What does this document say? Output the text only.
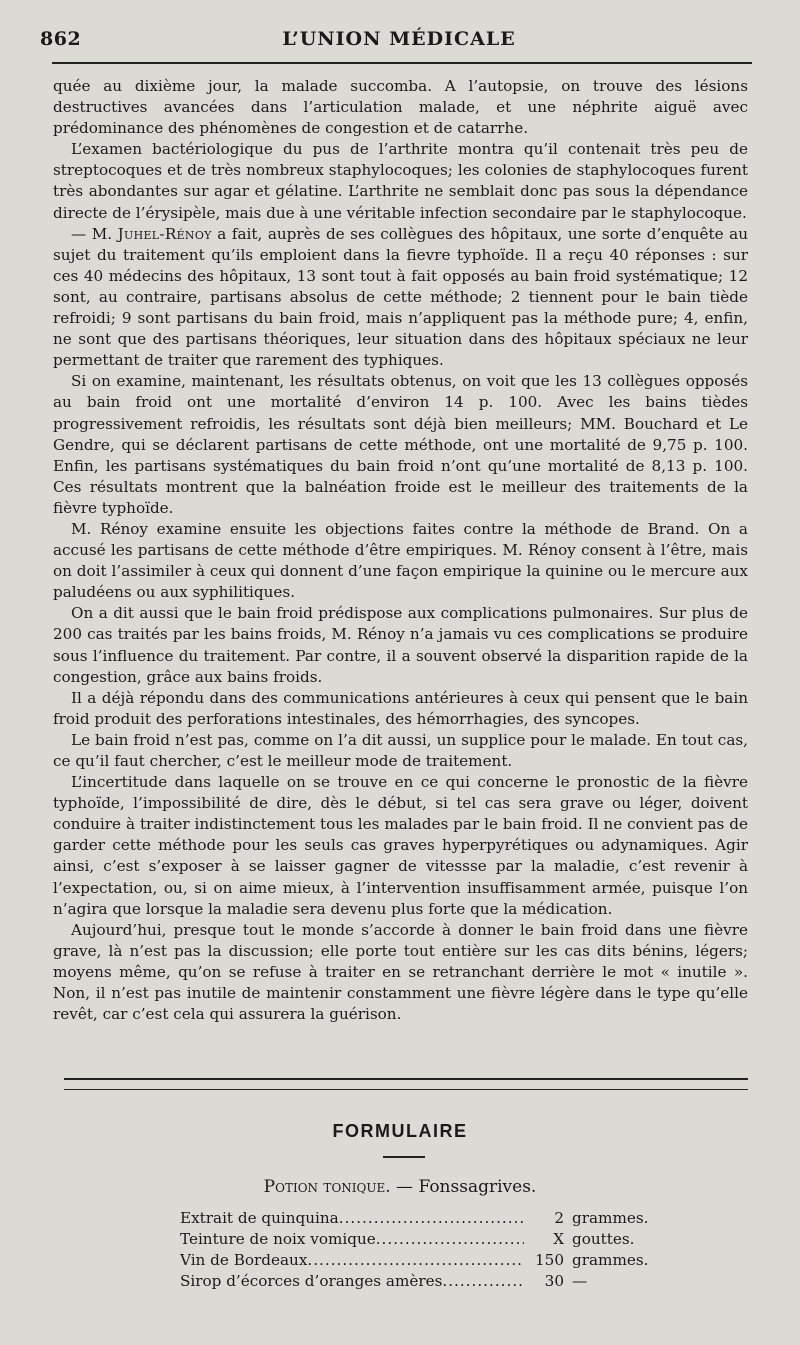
862	L’UNION MÉDICALE

quée au dixième jour, la malade succomba. A l’autopsie, on trouve des lésions destructives avancées dans l’articulation malade, et une néphrite aiguë avec prédominance des phénomènes de congestion et de catarrhe.

L’examen bactériologique du pus de l’arthrite montra qu’il contenait très peu de streptocoques et de très nombreux staphylocoques; les colonies de staphylocoques furent très abondantes sur agar et gélatine. L’arthrite ne semblait donc pas sous la dépendance directe de l’érysipèle, mais due à une véritable infection secondaire par le staphylocoque.

— M. Juhel-Rénoy a fait, auprès de ses collègues des hôpitaux, une sorte d’enquête au sujet du traitement qu’ils emploient dans la fievre typhoïde. Il a reçu 40 réponses : sur ces 40 médecins des hôpitaux, 13 sont tout à fait opposés au bain froid systématique; 12 sont, au contraire, partisans absolus de cette méthode; 2 tiennent pour le bain tiède refroidi; 9 sont partisans du bain froid, mais n’appliquent pas la méthode pure; 4, enfin, ne sont que des partisans théoriques, leur situation dans des hôpitaux spéciaux ne leur permettant de traiter que rarement des typhiques.

Si on examine, maintenant, les résultats obtenus, on voit que les 13 collègues opposés au bain froid ont une mortalité d’environ 14 p. 100. Avec les bains tièdes progressivement refroidis, les résultats sont déjà bien meilleurs; MM. Bouchard et Le Gendre, qui se déclarent partisans de cette méthode, ont une mortalité de 9,75 p. 100. Enfin, les partisans systématiques du bain froid n’ont qu’une mortalité de 8,13 p. 100. Ces résultats montrent que la balnéation froide est le meilleur des traitements de la fièvre typhoïde.

M. Rénoy examine ensuite les objections faites contre la méthode de Brand. On a accusé les partisans de cette méthode d’être empiriques. M. Rénoy consent à l’être, mais on doit l’assimiler à ceux qui donnent d’une façon empirique la quinine ou le mercure aux paludéens ou aux syphilitiques.

On a dit aussi que le bain froid prédispose aux complications pulmonaires. Sur plus de 200 cas traités par les bains froids, M. Rénoy n’a jamais vu ces complications se produire sous l’influence du traitement. Par contre, il a souvent observé la disparition rapide de la congestion, grâce aux bains froids.

Il a déjà répondu dans des communications antérieures à ceux qui pensent que le bain froid produit des perforations intestinales, des hémorrhagies, des syncopes.

Le bain froid n’est pas, comme on l’a dit aussi, un supplice pour le malade. En tout cas, ce qu’il faut chercher, c’est le meilleur mode de traitement.

L’incertitude dans laquelle on se trouve en ce qui concerne le pronostic de la fièvre typhoïde, l’impossibilité de dire, dès le début, si tel cas sera grave ou léger, doivent conduire à traiter indistinctement tous les malades par le bain froid. Il ne convient pas de garder cette méthode pour les seuls cas graves hyperpyrétiques ou adynamiques. Agir ainsi, c’est s’exposer à se laisser gagner de vitessse par la maladie, c’est revenir à l’expectation, ou, si on aime mieux, à l’intervention insuffisamment armée, puisque l’on n’agira que lorsque la maladie sera devenu plus forte que la médication.

Aujourd’hui, presque tout le monde s’accorde à donner le bain froid dans une fièvre grave, là n’est pas la discussion; elle porte tout entière sur les cas dits bénins, légers; moyens même, qu’on se refuse à traiter en se retranchant derrière le mot « inutile ». Non, il n’est pas inutile de maintenir constamment une fièvre légère dans le type qu’elle revêt, car c’est cela qui assurera la guérison.

FORMULAIRE
Potion tonique. — Fonssagrives.
Extrait de quinquina .....	2 grammes.
Teinture de noix vomique .....	X gouttes.
Vin de Bordeaux .....	150 grammes.
Sirop d’écorces d’oranges amères .....	30 —
